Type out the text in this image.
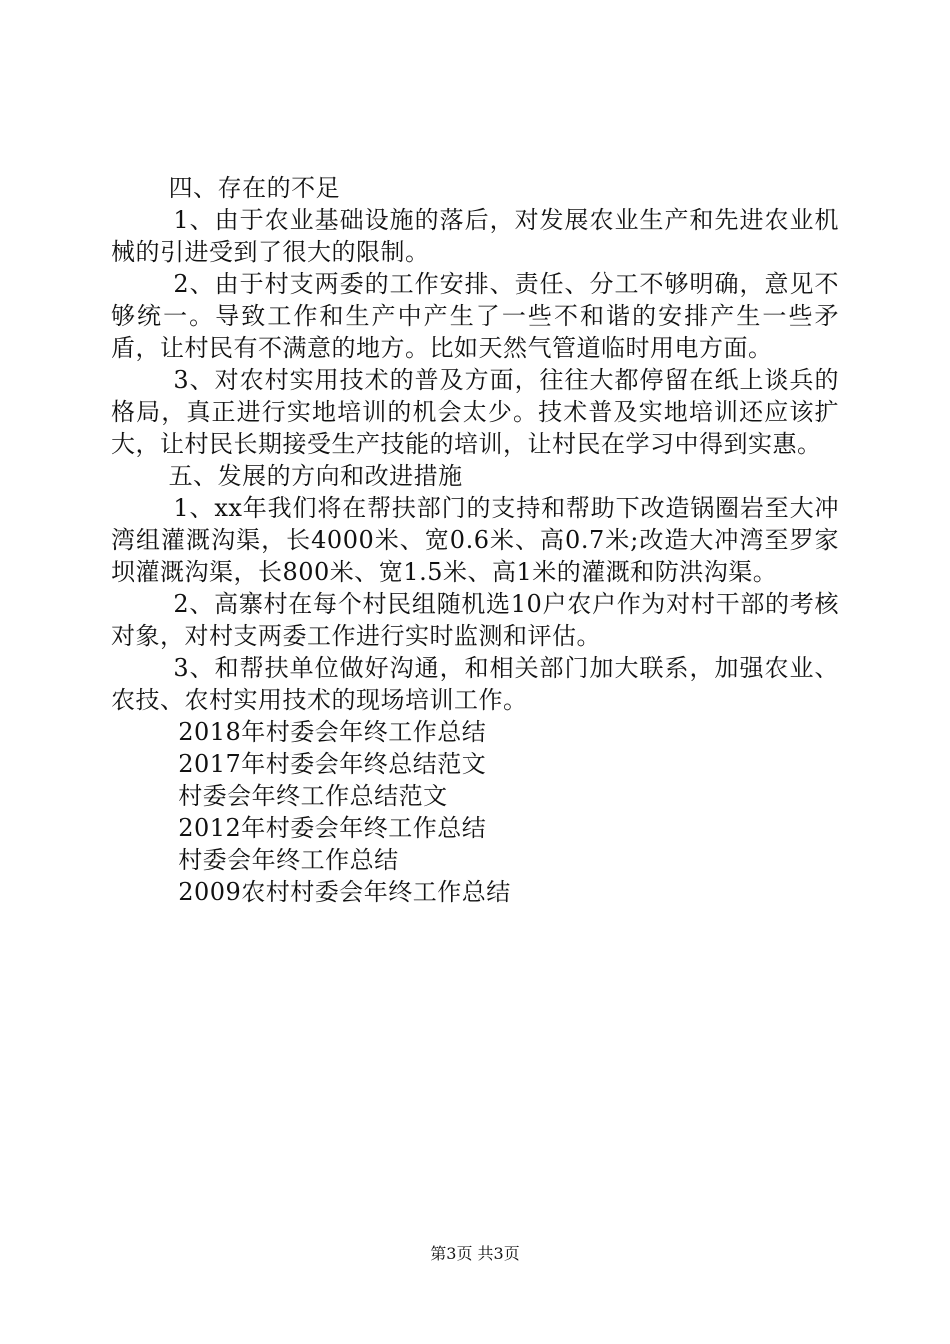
四、存在的不足

1、由于农业基础设施的落后，对发展农业生产和先进农业机械的引进受到了很大的限制。

2、由于村支两委的工作安排、责任、分工不够明确，意见不够统一。导致工作和生产中产生了一些不和谐的安排产生一些矛盾，让村民有不满意的地方。比如天然气管道临时用电方面。

3、对农村实用技术的普及方面，往往大都停留在纸上谈兵的格局，真正进行实地培训的机会太少。技术普及实地培训还应该扩大，让村民长期接受生产技能的培训，让村民在学习中得到实惠。

五、发展的方向和改进措施

1、xx年我们将在帮扶部门的支持和帮助下改造锅圈岩至大冲湾组灌溉沟渠，长4000米、宽0.6米、高0.7米;改造大冲湾至罗家坝灌溉沟渠，长800米、宽1.5米、高1米的灌溉和防洪沟渠。

2、高寨村在每个村民组随机选10户农户作为对村干部的考核对象，对村支两委工作进行实时监测和评估。

3、和帮扶单位做好沟通，和相关部门加大联系，加强农业、农技、农村实用技术的现场培训工作。

2018年村委会年终工作总结

2017年村委会年终总结范文

村委会年终工作总结范文

2012年村委会年终工作总结

村委会年终工作总结

2009农村村委会年终工作总结

第3页 共3页
